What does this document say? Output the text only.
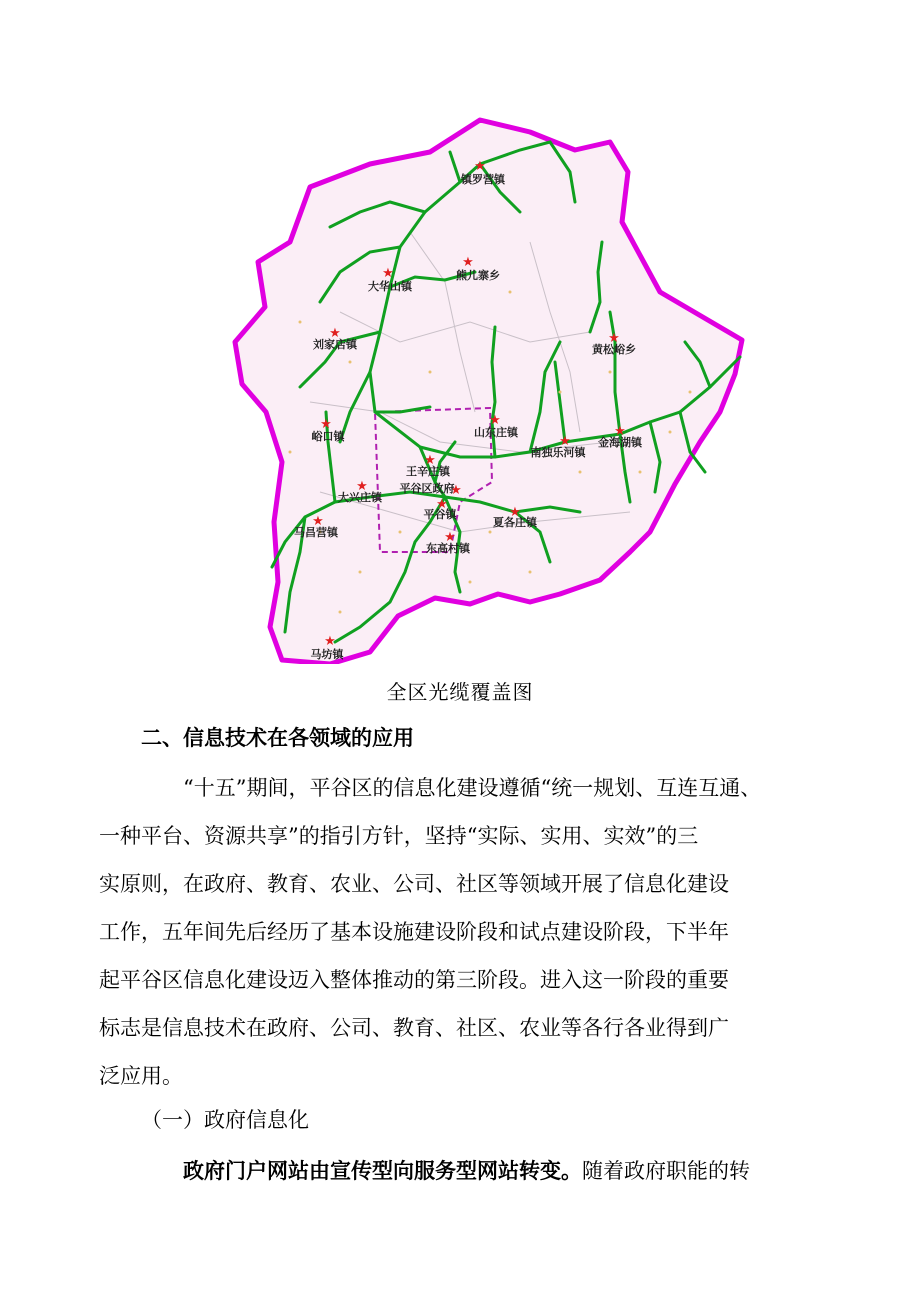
★
镇罗营镇
★
大华山镇
★
熊儿寨乡
★
刘家店镇	★
黄松峪乡
★
峪口镇
★
山东庄镇	★
金海湖镇
★
南独乐河镇
★
王辛庄镇
★
大兴庄镇	★
平谷区政府
★
平谷镇	★
夏各庄镇
★
马昌营镇	★
东高村镇
★
马坊镇
全区光缆覆盖图
二、信息技术在各领域的应用

“十五”期间，平谷区的信息化建设遵循“统一规划、互连互通、
一种平台、资源共享”的指引方针，坚持“实际、实用、实效”的三
实原则，在政府、教育、农业、公司、社区等领域开展了信息化建设
工作，五年间先后经历了基本设施建设阶段和试点建设阶段，下半年
起平谷区信息化建设迈入整体推动的第三阶段。进入这一阶段的重要
标志是信息技术在政府、公司、教育、社区、农业等各行各业得到广
泛应用。

（一）政府信息化

政府门户网站由宣传型向服务型网站转变。随着政府职能的转
